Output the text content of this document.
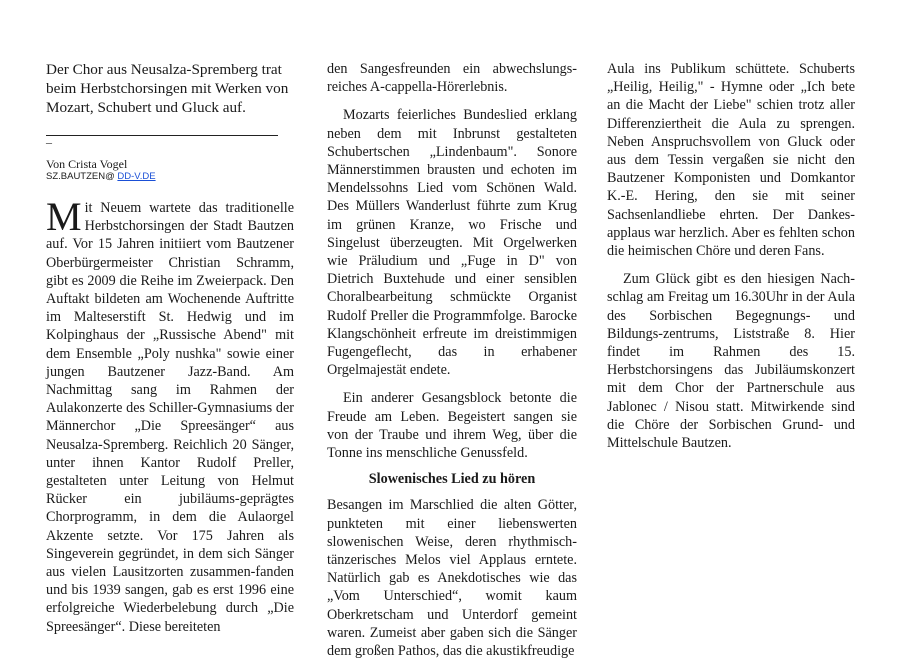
Der Chor aus Neusalza-Spremberg trat beim Herbstchorsingen mit Werken von Mozart, Schubert und Gluck auf.

–
Von Crista Vogel
SZ.BAUTZEN@ DD-V.DE

Mit Neuem wartete das traditionelle Herbstchorsingen der Stadt Bautzen auf. Vor 15 Jahren initiiert vom Bautzener Oberbürgermeister Christian Schramm, gibt es 2009 die Reihe im Zweierpack. Den Auftakt bildeten am Wochenende Auftritte im Malteserstift St. Hedwig und im Kolpinghaus der „Russische Abend" mit dem Ensemble „Poly nushka" sowie einer jungen Bautzener Jazz-Band. Am Nachmittag sang im Rahmen der Aulakonzerte des Schiller-Gymnasiums der Männerchor „Die Spreesänger“ aus Neusalza-Spremberg. Reichlich 20 Sänger, unter ihnen Kantor Rudolf Preller, gestalteten unter Leitung von Helmut Rücker ein jubiläums-geprägtes Chorprogramm, in dem die Aulaorgel Akzente setzte. Vor 175 Jahren als Singeverein gegründet, in dem sich Sänger aus vielen Lausitzorten zusammen-fanden und bis 1939 sangen, gab es erst 1996 eine erfolgreiche Wiederbelebung durch „Die Spreesänger“. Diese bereiteten

den Sangesfreunden ein abwechslungs-reiches A-cappella-Hörerlebnis.

Mozarts feierliches Bundeslied erklang neben dem mit Inbrunst gestalteten Schubertschen „Lindenbaum". Sonore Männerstimmen brausten und echoten im Mendelssohns Lied vom Schönen Wald. Des Müllers Wanderlust führte zum Krug im grünen Kranze, wo Frische und Singelust überzeugten. Mit Orgelwerken wie Präludium und „Fuge in D" von Dietrich Buxtehude und einer sensiblen Choralbearbeitung schmückte Organist Rudolf Preller die Programmfolge. Barocke Klangschönheit erfreute im dreistimmigen Fugengeflecht, das in erhabener Orgelmajestät endete.

Ein anderer Gesangsblock betonte die Freude am Leben. Begeistert sangen sie von der Traube und ihrem Weg, über die Tonne ins menschliche Genussfeld.

Slowenisches Lied zu hören

Besangen im Marschlied die alten Götter, punkteten mit einer liebenswerten slowenischen Weise, deren rhythmisch-tänzerisches Melos viel Applaus erntete. Natürlich gab es Anekdotisches wie das „Vom Unterschied“, womit kaum Oberkretscham und Unterdorf gemeint waren. Zumeist aber gaben sich die Sänger dem großen Pathos, das die akustikfreudige

Aula ins Publikum schüttete. Schuberts „Heilig, Heilig," - Hymne oder „Ich bete an die Macht der Liebe" schien trotz aller Differenziertheit die Aula zu sprengen. Neben Anspruchsvollem von Gluck oder aus dem Tessin vergaßen sie nicht den Bautzener Komponisten und Domkantor K.-E. Hering, den sie mit seiner Sachsenlandliebe ehrten. Der Dankes-applaus war herzlich. Aber es fehlten schon die heimischen Chöre und deren Fans.

Zum Glück gibt es den hiesigen Nach-schlag am Freitag um 16.30Uhr in der Aula des Sorbischen Begegnungs- und Bildungs-zentrums, Liststraße 8. Hier findet im Rahmen des 15. Herbstchorsingens das Jubiläumskonzert mit dem Chor der Partnerschule aus Jablonec / Nisou statt. Mitwirkende sind die Chöre der Sorbischen Grund- und Mittelschule Bautzen.
